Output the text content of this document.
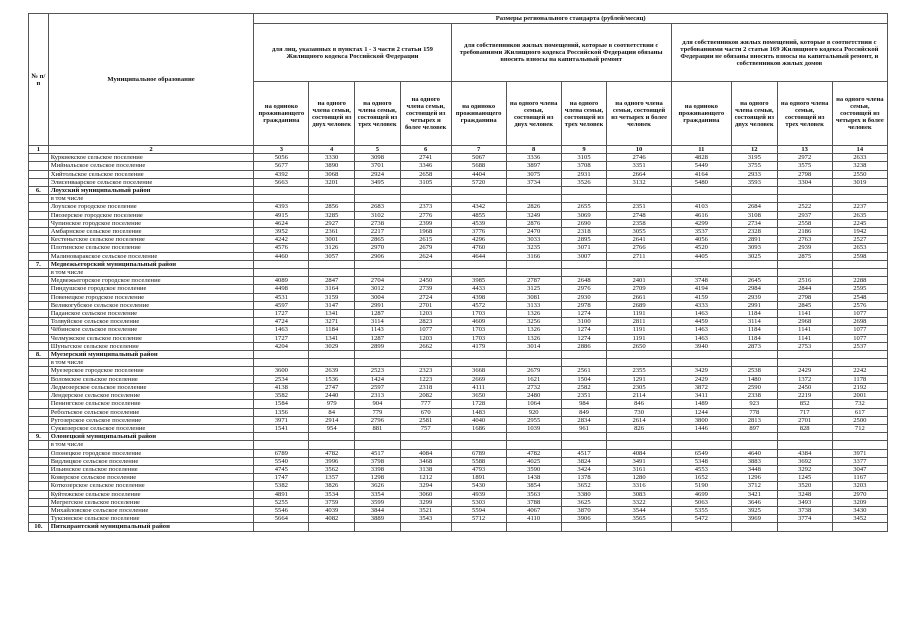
№ п/п	Муниципальное образование	Размеры регионального стандарта (рублей/месяц)											
		для лиц, указанных в пунктах 1 - 3 части 2 статьи 159 Жилищного кодекса Российской Федерации				для собственников жилых помещений, которые в соответствии с требованиями Жилищного кодекса Российской Федерации обязаны вносить взносы на капитальный ремонт				для собственников жилых помещений, которые в соответствии с требованиями части 2 статьи 169 Жилищного кодекса Российской Федерации не обязаны вносить взносы на капитальный ремонт, и собственников жилых домов			
		на одиноко проживающего гражданина	на одного члена семьи, состоящей из двух человек	на одного члена семьи, состоящей из трех человек	на одного члена семьи, состоящей из четырех и более человек	на одиноко проживающего гражданина	на одного члена семьи, состоящей из двух человек	на одного члена семьи, состоящей из трех человек	на одного члена семьи, состоящей из четырех и более человек	на одиноко проживающего гражданина	на одного члена семьи, состоящей из двух человек	на одного члена семьи, состоящей из трех человек	на одного члена семьи, состоящей из четырех и более человек
1	2	3	4	5	6	7	8	9	10	11	12	13	14
	Куркиекское сельское поселение	5056	3330	3098	2741	5067	3336	3105	2746	4828	3195	2972	2633
	Мийнальское сельское поселение	5677	3890	3701	3346	5688	3897	3708	3351	5449	3755	3575	3238
	Хийтольское сельское поселение	4392	3068	2924	2658	4404	3075	2931	2664	4164	2933	2798	2550
	Элисенваарское сельское поселение	5663	3201	3495	3105	5720	3734	3526	3132	5480	3593	3304	3019
6.	Лоухский муниципальный район												
	в том числе												
	Лоухское городское поселение	4393	2856	2683	2373	4342	2826	2655	2351	4103	2684	2522	2237
	Пяозерское городское поселение	4915	3285	3102	2776	4855	3249	3069	2748	4616	3108	2937	2635
	Чупинское городское поселение	4624	2927	2738	2399	4539	2876	2690	2358	4299	2734	2558	2245
	Амбарнское сельское поселение	3952	2361	2217	1968	3776	2470	2318	3055	3537	2328	2186	1942
	Кестеньгское сельское поселение	4242	3001	2865	2615	4296	3033	2895	2641	4056	2891	2763	2527
	Плотинское сельское поселение	4576	3126	2970	2679	4760	3235	3071	2766	4520	3093	2939	2653
	Малиноваракское сельское поселение	4460	3057	2906	2624	4644	3166	3007	2711	4405	3025	2875	2598
7.	Медвежьегорский муниципальный район												
	в том числе												
	Медвежьегорское городское поселение	4089	2847	2704	2450	3985	2787	2648	2401	3748	2645	2516	2288
	Пиндушское городское поселение	4498	3164	3012	2739	4433	3125	2976	2709	4194	2984	2844	2595
	Повенецкое городское поселение	4531	3159	3004	2724	4398	3081	2930	2661	4159	2939	2798	2548
	Великогубское сельское поселение	4597	3147	2991	2701	4572	3133	2978	2689	4333	2991	2845	2576
	Паданское сельское поселение	1727	1341	1287	1203	1703	1326	1274	1191	1463	1184	1141	1077
	Толвуйское сельское поселение	4724	3271	3114	2823	4609	3256	3100	2811	4459	3114	2968	2698
	Чёбинское сельское поселение	1463	1184	1143	1077	1703	1326	1274	1191	1463	1184	1141	1077
	Челмужское сельское поселение	1727	1341	1287	1203	1703	1326	1274	1191	1463	1184	1141	1077
	Шуньгское сельское поселение	4204	3029	2899	2662	4179	3014	2886	2650	3940	2873	2753	2537
8.	Муезерский муниципальный район												
	в том числе												
	Муезерское городское поселение	3600	2639	2523	2323	3668	2679	2561	2355	3429	2538	2429	2242
	Воломское сельское поселение	2534	1536	1424	1223	2669	1621	1504	1291	2429	1480	1372	1178
	Ледмозерское сельское поселение	4138	2747	2597	2318	4111	2732	2582	2305	3872	2590	2450	2192
	Лендерское сельское поселение	3582	2440	2313	2082	3650	2480	2351	2114	3411	2338	2219	2001
	Пенингское сельское поселение	1584	979	904	777	1728	1064	984	846	1489	923	852	732
	Реболъское сельское поселение	1356	84	779	670	1483	920	849	730	1244	778	717	617
	Ругозерское сельское поселение	3971	2914	2796	2581	4040	2955	2834	2614	3800	2813	2701	2500
	Суккозерское сельское поселение	1541	954	881	757	1686	1039	961	826	1446	897	828	712
9.	Олонецкий муниципальный район												
	в том числе												
	Олонецкое городское поселение	6789	4782	4517	4084	6789	4782	4517	4084	6549	4640	4384	3971
	Видлицкое сельское поселение	5540	3996	3798	3468	5588	4025	3824	3491	5348	3883	3692	3377
	Ильинское сельское поселение	4745	3562	3398	3138	4793	3590	3424	3161	4553	3448	3292	3047
	Коверское сельское поселение	1747	1357	1298	1212	1891	1438	1378	1280	1652	1296	1245	1167
	Коткозерское сельское поселение	5382	3826	3626	3294	5430	3854	3652	3316	5190	3712	3520	3203
	Куйтежское сельское поселение	4891	3534	3354	3060	4939	3563	3380	3083	4699	3421	3248	2970
	Мегрегское сельское поселение	5255	3759	3599	3299	5303	3788	3625	3322	5063	3646	3493	3209
	Михайловское сельское поселение	5546	4039	3844	3521	5594	4067	3870	3544	5355	3925	3738	3430
	Туксинское сельское поселение	5664	4082	3889	3543	5712	4110	3906	3565	5472	3969	3774	3452
10.	Питкярантский муниципальный район												
